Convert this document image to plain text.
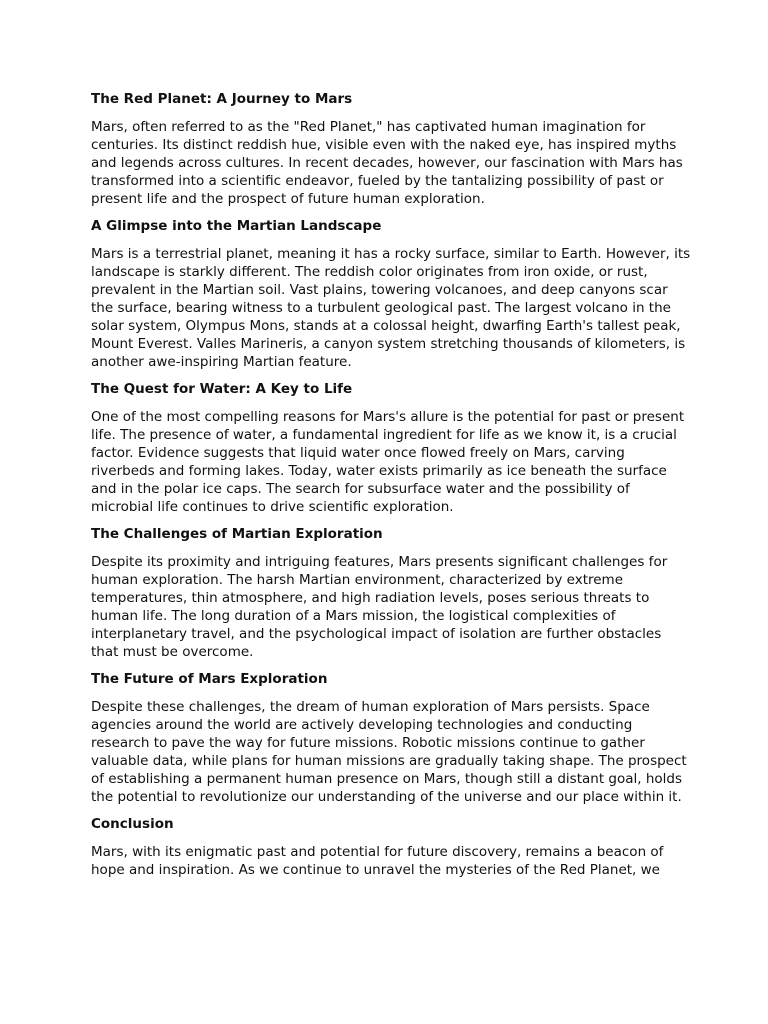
The Red Planet: A Journey to Mars

Mars, often referred to as the "Red Planet," has captivated human imagination for centuries. Its distinct reddish hue, visible even with the naked eye, has inspired myths and legends across cultures. In recent decades, however, our fascination with Mars has transformed into a scientific endeavor, fueled by the tantalizing possibility of past or present life and the prospect of future human exploration.

A Glimpse into the Martian Landscape

Mars is a terrestrial planet, meaning it has a rocky surface, similar to Earth. However, its landscape is starkly different. The reddish color originates from iron oxide, or rust, prevalent in the Martian soil. Vast plains, towering volcanoes, and deep canyons scar the surface, bearing witness to a turbulent geological past. The largest volcano in the solar system, Olympus Mons, stands at a colossal height, dwarfing Earth's tallest peak, Mount Everest. Valles Marineris, a canyon system stretching thousands of kilometers, is another awe-inspiring Martian feature.

The Quest for Water: A Key to Life

One of the most compelling reasons for Mars's allure is the potential for past or present life. The presence of water, a fundamental ingredient for life as we know it, is a crucial factor. Evidence suggests that liquid water once flowed freely on Mars, carving riverbeds and forming lakes. Today, water exists primarily as ice beneath the surface and in the polar ice caps. The search for subsurface water and the possibility of microbial life continues to drive scientific exploration.

The Challenges of Martian Exploration

Despite its proximity and intriguing features, Mars presents significant challenges for human exploration. The harsh Martian environment, characterized by extreme temperatures, thin atmosphere, and high radiation levels, poses serious threats to human life. The long duration of a Mars mission, the logistical complexities of interplanetary travel, and the psychological impact of isolation are further obstacles that must be overcome.

The Future of Mars Exploration

Despite these challenges, the dream of human exploration of Mars persists. Space agencies around the world are actively developing technologies and conducting research to pave the way for future missions. Robotic missions continue to gather valuable data, while plans for human missions are gradually taking shape. The prospect of establishing a permanent human presence on Mars, though still a distant goal, holds the potential to revolutionize our understanding of the universe and our place within it.

Conclusion

Mars, with its enigmatic past and potential for future discovery, remains a beacon of hope and inspiration. As we continue to unravel the mysteries of the Red Planet, we
